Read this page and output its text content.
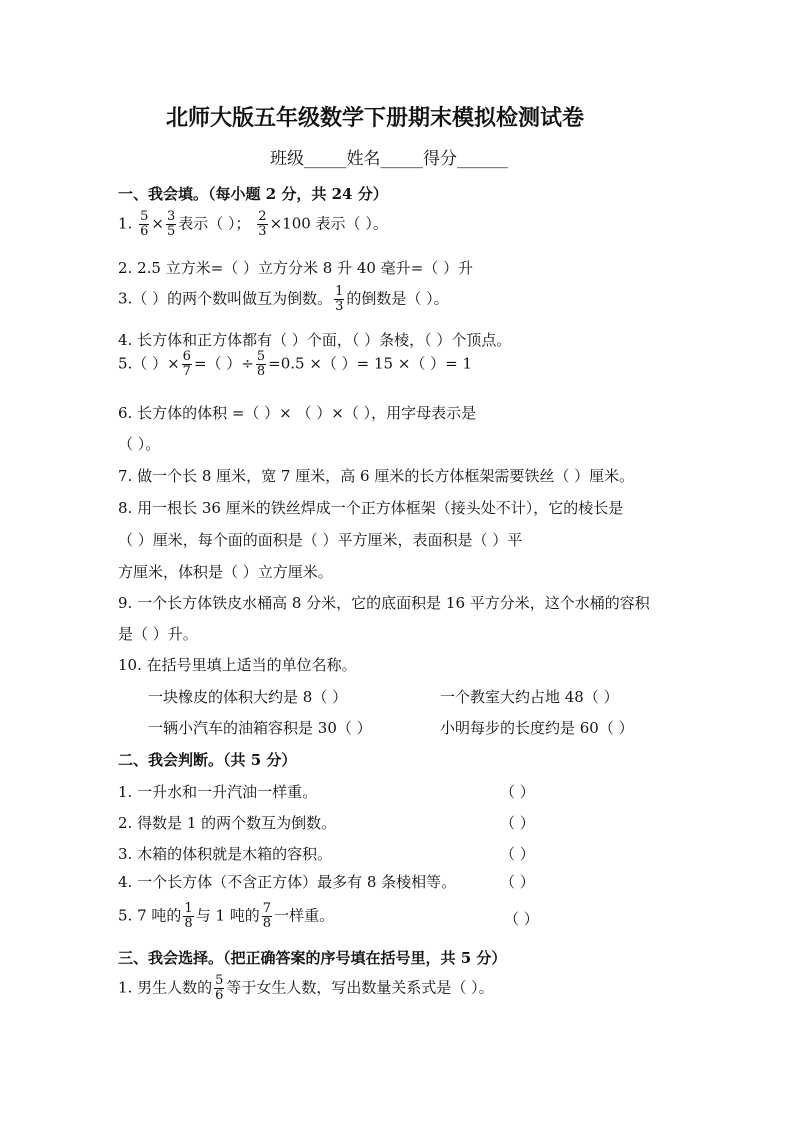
北师大版五年级数学下册期末模拟检测试卷
班级_____姓名_____得分______
一、我会填。（每小题 2 分，共 24 分）
1. $\frac{5}{6} \times \frac{3}{5}$ 表示（ ）； $\frac{2}{3} \times 100$ 表示（ ）。
2. 2.5 立方米=（ ）立方分米 8 升 40 毫升=（ ）升
3.（ ）的两个数叫做互为倒数。 $\frac{1}{3}$ 的倒数是（ ）。
4. 长方体和正方体都有（ ）个面，（ ）条棱，（ ）个顶点。
5.（ ）× $\frac{6}{7}$ =（ ）÷ $\frac{5}{8} =0.5$ ×（ ）= 15 ×（ ）= 1
6. 长方体的体积 =（ ）× （ ）×（ ），用字母表示是
（ ）。
7. 做一个长 8 厘米，宽 7 厘米，高 6 厘米的长方体框架需要铁丝（ ）厘米。
8. 用一根长 36 厘米的铁丝焊成一个正方体框架（接头处不计），它的棱长是
（ ）厘米，每个面的面积是（ ）平方厘米，表面积是（ ）平
方厘米，体积是（ ）立方厘米。
9. 一个长方体铁皮水桶高 8 分米，它的底面积是 16 平方分米，这个水桶的容积
是（ ）升。
10. 在括号里填上适当的单位名称。
一块橡皮的体积大约是 8（ ）	一个教室大约占地 48（ ）
一辆小汽车的油箱容积是 30（ ）	小明每步的长度约是 60（ ）
二、我会判断。（共 5 分）
1. 一升水和一升汽油一样重。	（ ）
2. 得数是 1 的两个数互为倒数。	（ ）
3. 木箱的体积就是木箱的容积。	（ ）
4. 一个长方体（不含正方体）最多有 8 条棱相等。	（ ）
5. 7 吨的 $\frac{1}{8}$ 与 1 吨的 $\frac{7}{8}$ 一样重。	（ ）
三、我会选择。（把正确答案的序号填在括号里，共 5 分）
1. 男生人数的 $\frac{5}{6}$ 等于女生人数，写出数量关系式是（ ）。
